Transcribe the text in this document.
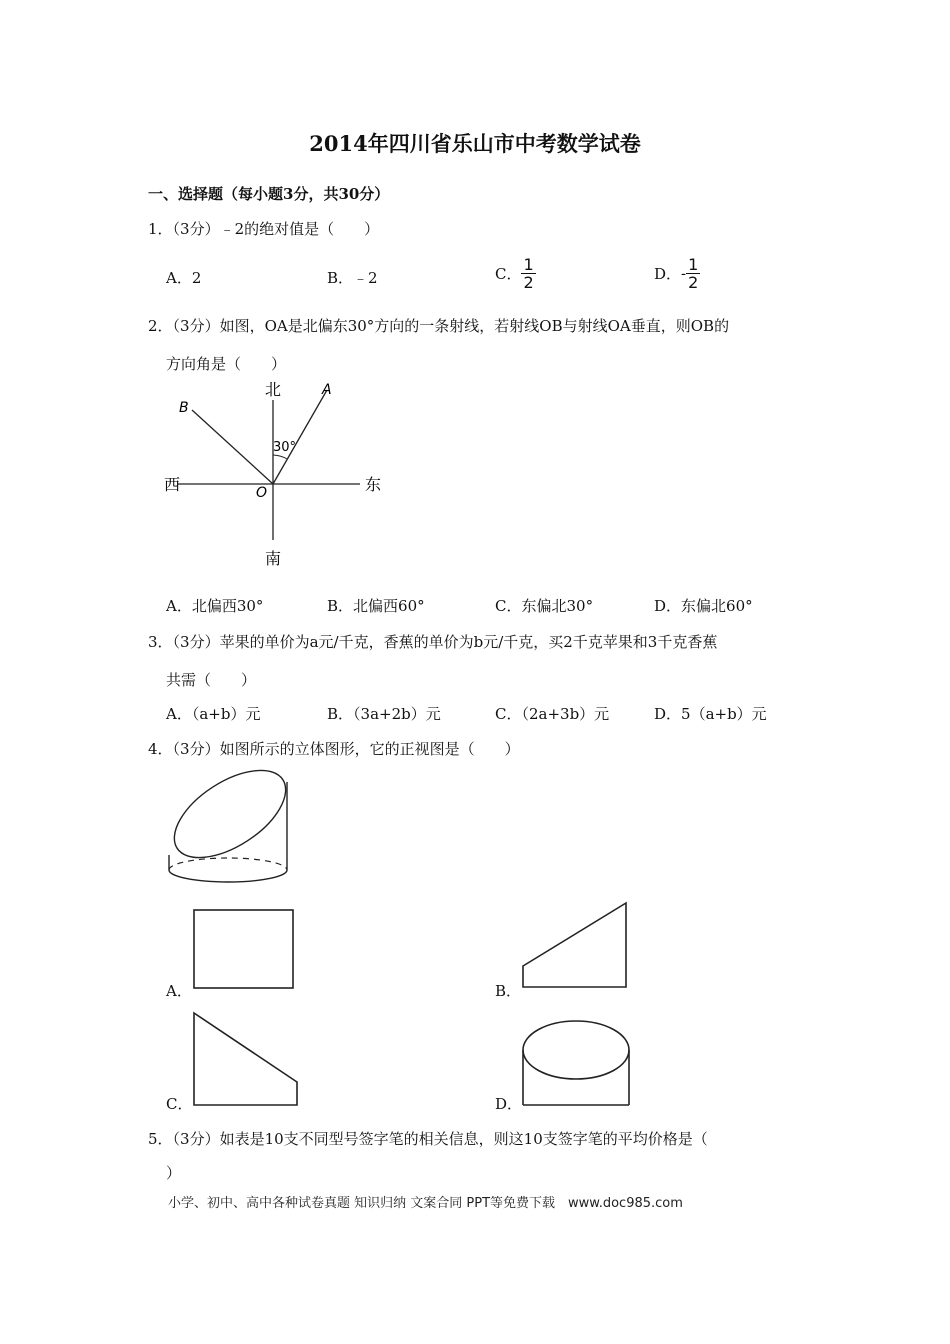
2014年四川省乐山市中考数学试卷
一、选择题（每小题3分，共30分）
1．（3分）﹣2的绝对值是（　　）
A．2	B．﹣2	C． $\frac{1}{2}$	D．- $\frac{1}{2}$
2．（3分）如图，OA是北偏东30°方向的一条射线，若射线OB与射线OA垂直，则OB的
方向角是（　　）
北
南
西	东
A
B
O
30°
A．北偏西30°	B．北偏西60°	C．东偏北30°	D．东偏北60°
3．（3分）苹果的单价为a元/千克，香蕉的单价为b元/千克，买2千克苹果和3千克香蕉
共需（　　）
A．（a+b）元	B．（3a+2b）元	C．（2a+3b）元	D．5（a+b）元
4．（3分）如图所示的立体图形，它的正视图是（　　）
A．	B．
C．	D．
5．（3分）如表是10支不同型号签字笔的相关信息，则这10支签字笔的平均价格是（
）
小学、初中、高中各种试卷真题 知识归纳 文案合同 PPT等免费下载　www.doc985.com
